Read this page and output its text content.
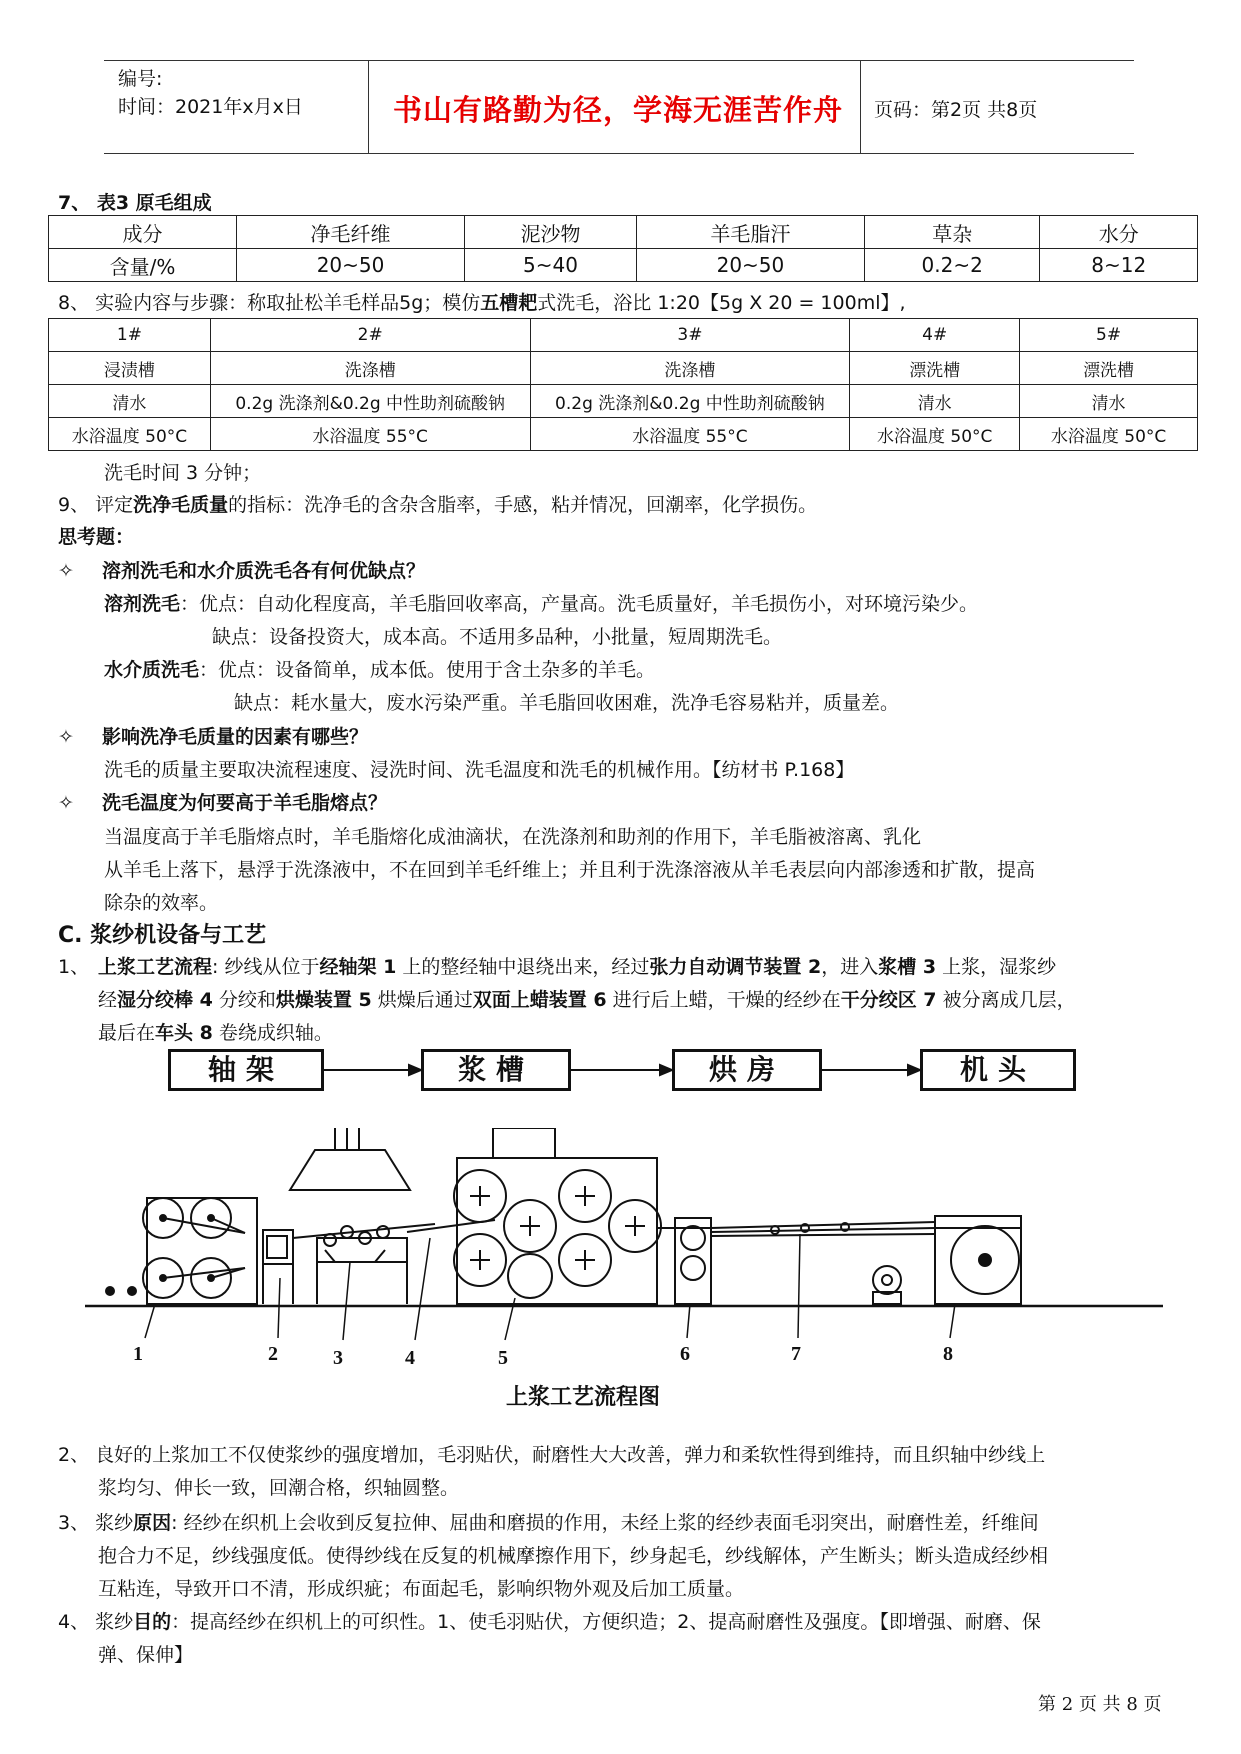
编号:
时间：2021年x月x日	书山有路勤为径，学海无涯苦作舟 页码：第2页 共8页
7、 表3 原毛组成
成分	净毛纤维	泥沙物	羊毛脂汗	草杂	水分
含量/%	20~50	5~40	20~50	0.2~2	8~12
8、 实验内容与步骤：称取扯松羊毛样品5g；模仿五槽耙式洗毛，浴比 1:20【5g X 20 = 100ml】,
1#	2#	3#	4#	5#
浸渍槽	洗涤槽	洗涤槽	漂洗槽	漂洗槽
清水	0.2g 洗涤剂&0.2g 中性助剂硫酸钠	0.2g 洗涤剂&0.2g 中性助剂硫酸钠	清水	清水
水浴温度 50°C	水浴温度 55°C	水浴温度 55°C	水浴温度 50°C	水浴温度 50°C
洗毛时间 3 分钟；
9、 评定洗净毛质量的指标：洗净毛的含杂含脂率，手感，粘并情况，回潮率，化学损伤。
思考题：
✧ 溶剂洗毛和水介质洗毛各有何优缺点？
溶剂洗毛：优点：自动化程度高，羊毛脂回收率高，产量高。洗毛质量好，羊毛损伤小，对环境污染少。
缺点：设备投资大，成本高。不适用多品种，小批量，短周期洗毛。
水介质洗毛：优点：设备简单，成本低。使用于含土杂多的羊毛。
缺点：耗水量大，废水污染严重。羊毛脂回收困难，洗净毛容易粘并，质量差。
✧ 影响洗净毛质量的因素有哪些？
洗毛的质量主要取决流程速度、浸洗时间、洗毛温度和洗毛的机械作用。【纺材书 P.168】
✧ 洗毛温度为何要高于羊毛脂熔点？
当温度高于羊毛脂熔点时，羊毛脂熔化成油滴状，在洗涤剂和助剂的作用下，羊毛脂被溶离、乳化
从羊毛上落下，悬浮于洗涤液中，不在回到羊毛纤维上；并且利于洗涤溶液从羊毛表层向内部渗透和扩散，提高
除杂的效率。
C. 浆纱机设备与工艺
1、 上浆工艺流程: 纱线从位于经轴架 1 上的整经轴中退绕出来，经过张力自动调节装置 2，进入浆槽 3 上浆，湿浆纱
经湿分绞棒 4 分绞和烘燥装置 5 烘燥后通过双面上蜡装置 6 进行后上蜡，干燥的经纱在干分绞区 7 被分离成几层，
最后在车头 8 卷绕成织轴。
轴架	浆槽	烘房	机头
1	2	3	4	5	6	7	8
上浆工艺流程图
2、 良好的上浆加工不仅使浆纱的强度增加，毛羽贴伏，耐磨性大大改善，弹力和柔软性得到维持，而且织轴中纱线上
浆均匀、伸长一致，回潮合格，织轴圆整。
3、 浆纱原因: 经纱在织机上会收到反复拉伸、屈曲和磨损的作用，未经上浆的经纱表面毛羽突出，耐磨性差，纤维间
抱合力不足，纱线强度低。使得纱线在反复的机械摩擦作用下，纱身起毛，纱线解体，产生断头；断头造成经纱相
互粘连，导致开口不清，形成织疵；布面起毛，影响织物外观及后加工质量。
4、 浆纱目的：提高经纱在织机上的可织性。1、使毛羽贴伏，方便织造；2、提高耐磨性及强度。【即增强、耐磨、保
弹、保伸】
第 2 页 共 8 页
